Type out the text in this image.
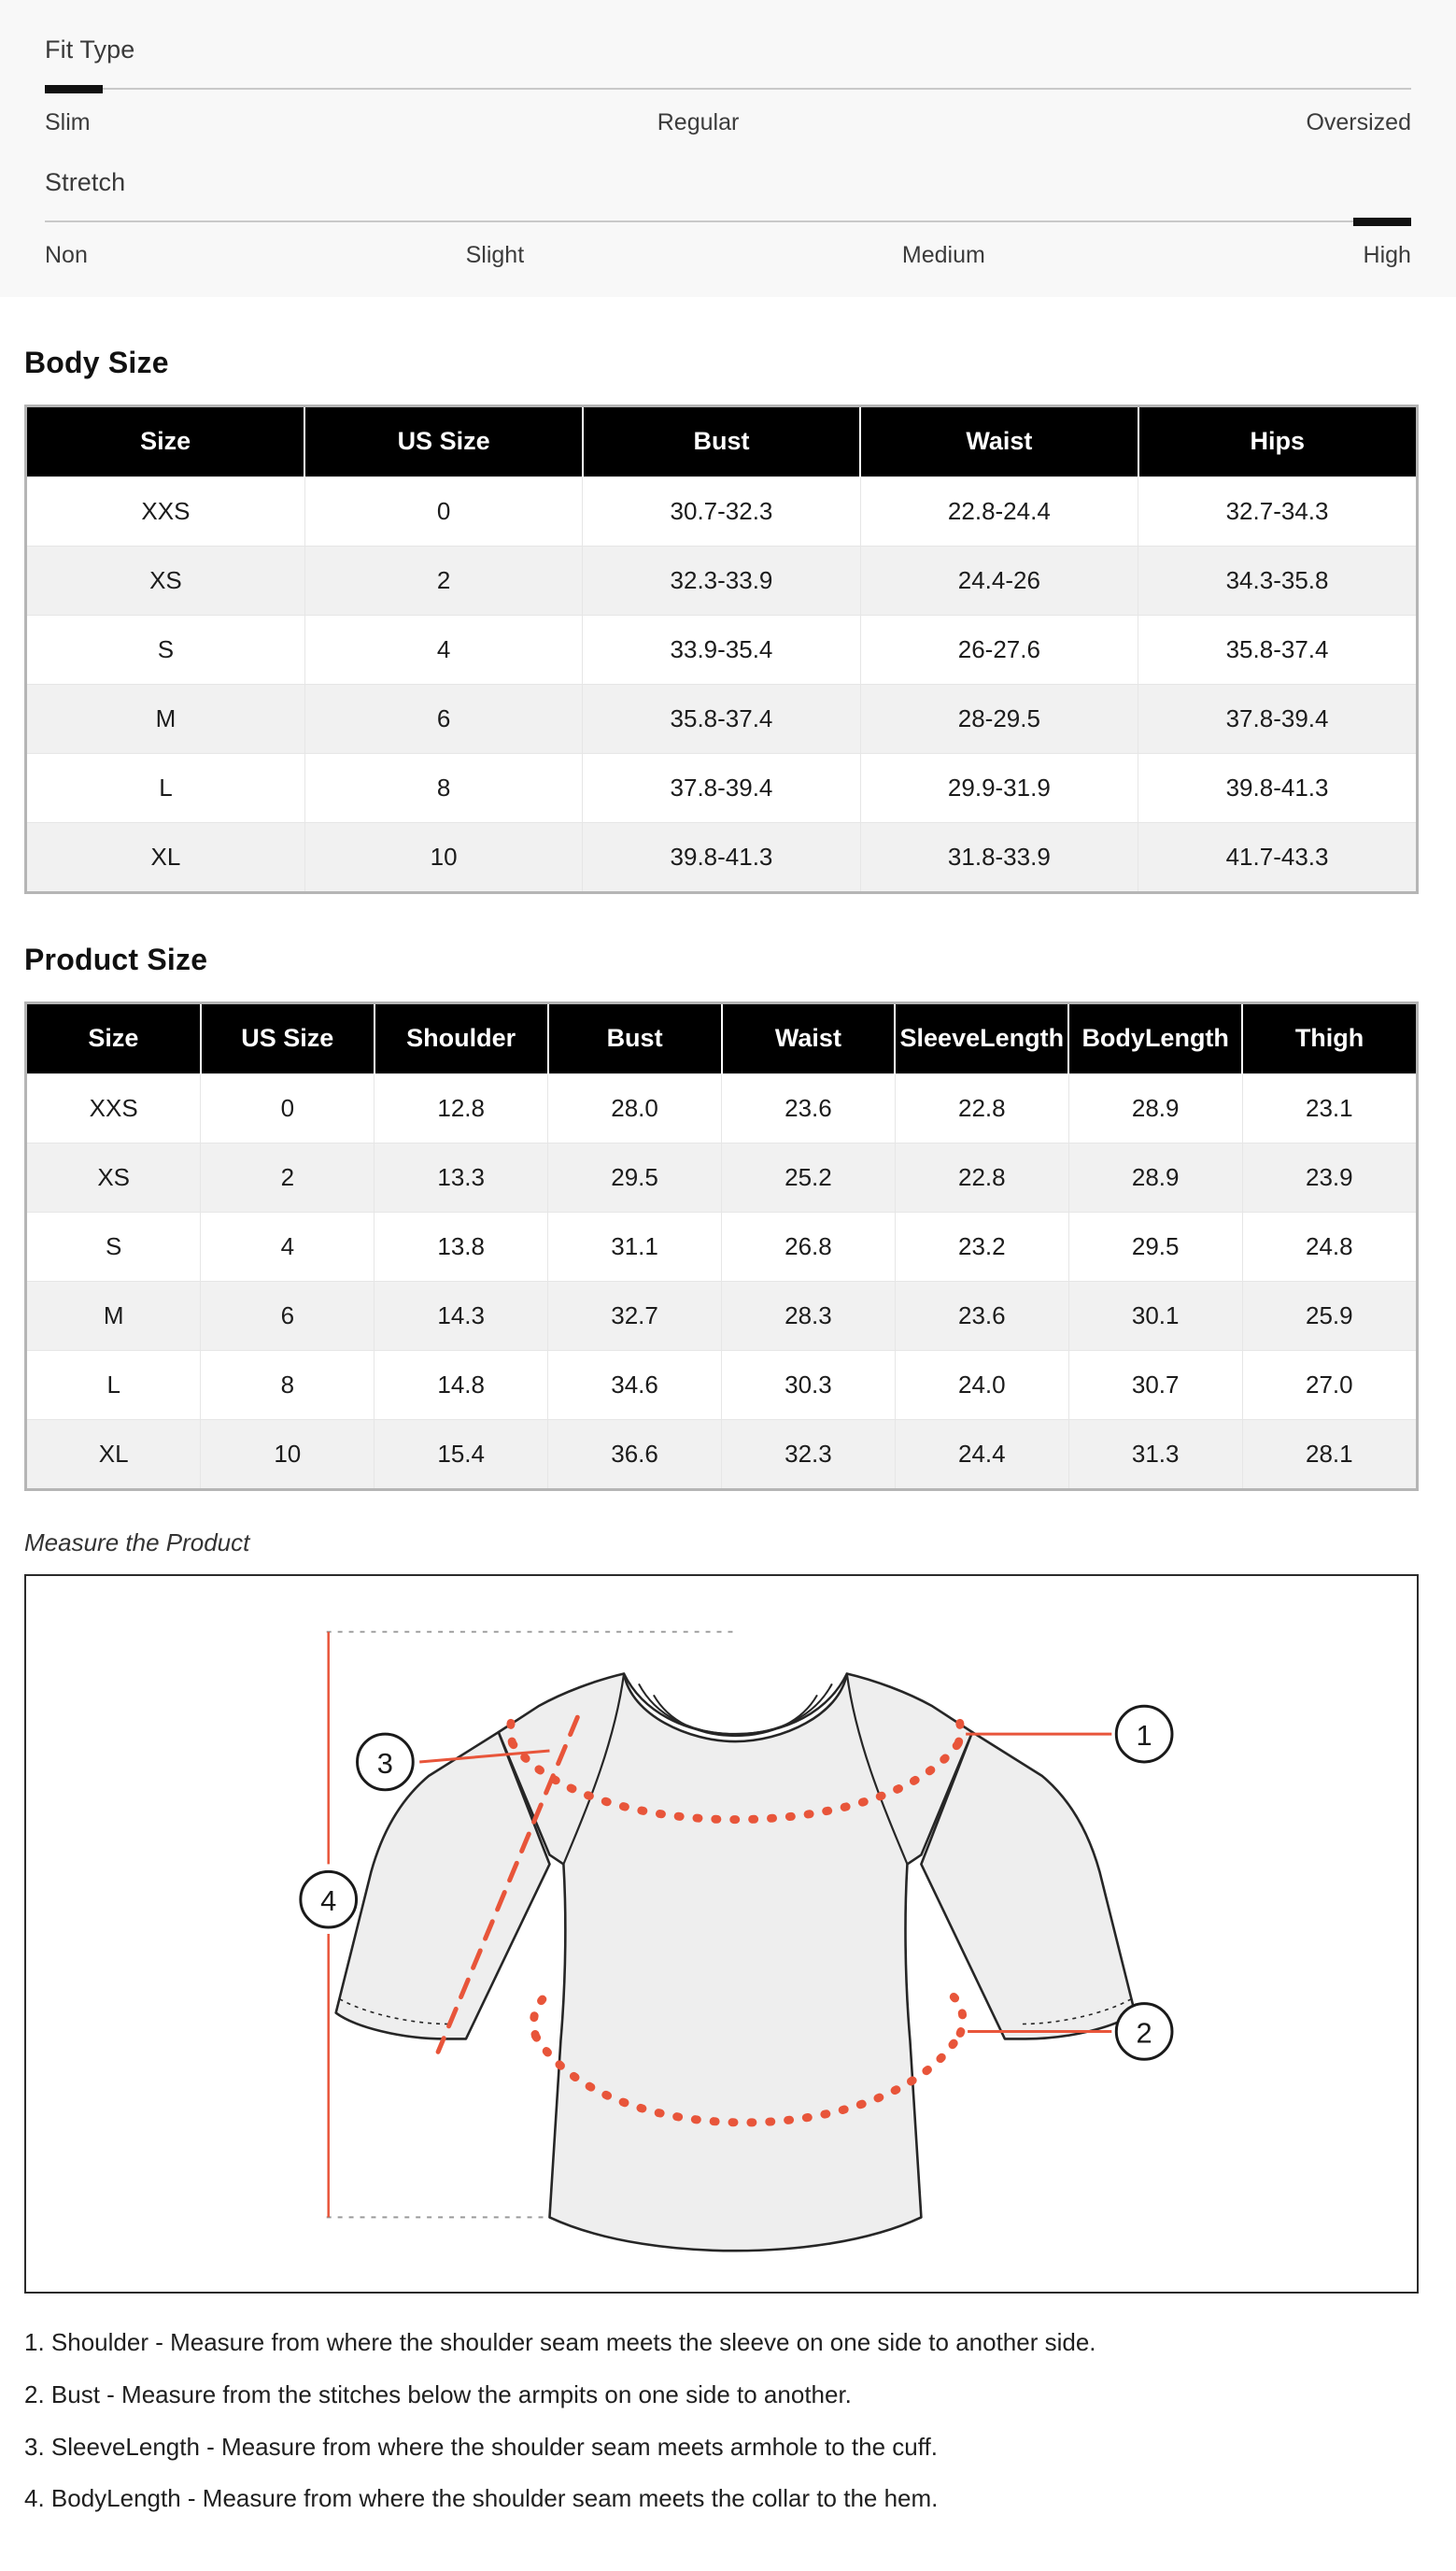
Fit Type
Slim	Regular	Oversized
Stretch
Non	Slight	Medium	High
Body Size
Size	US Size	Bust	Waist	Hips
XXS	0	30.7-32.3	22.8-24.4	32.7-34.3
XS	2	32.3-33.9	24.4-26	34.3-35.8
S	4	33.9-35.4	26-27.6	35.8-37.4
M	6	35.8-37.4	28-29.5	37.8-39.4
L	8	37.8-39.4	29.9-31.9	39.8-41.3
XL	10	39.8-41.3	31.8-33.9	41.7-43.3
Product Size
Size	US Size	Shoulder	Bust	Waist	SleeveLength	BodyLength	Thigh
XXS	0	12.8	28.0	23.6	22.8	28.9	23.1
XS	2	13.3	29.5	25.2	22.8	28.9	23.9
S	4	13.8	31.1	26.8	23.2	29.5	24.8
M	6	14.3	32.7	28.3	23.6	30.1	25.9
L	8	14.8	34.6	30.3	24.0	30.7	27.0
XL	10	15.4	36.6	32.3	24.4	31.3	28.1
Measure the Product
1
2
3
4
1. Shoulder - Measure from where the shoulder seam meets the sleeve on one side to another side.
2. Bust - Measure from the stitches below the armpits on one side to another.
3. SleeveLength - Measure from where the shoulder seam meets armhole to the cuff.
4. BodyLength - Measure from where the shoulder seam meets the collar to the hem.
